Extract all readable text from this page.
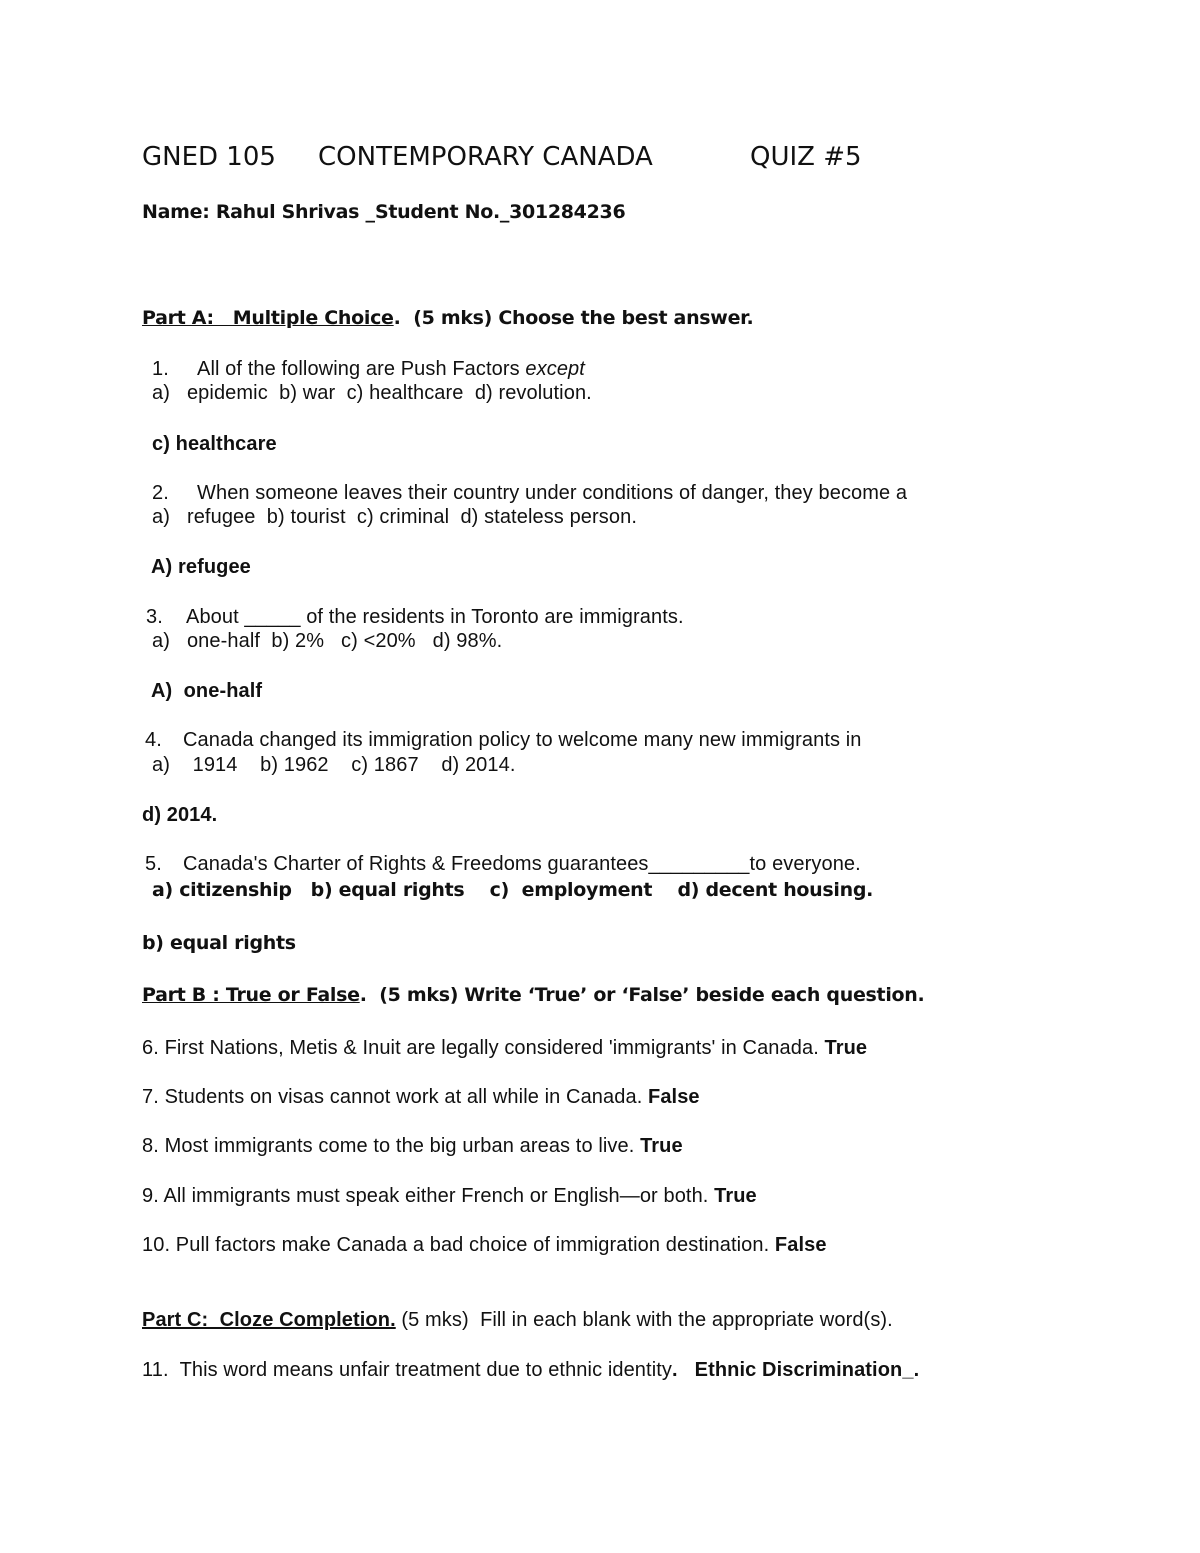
GNED 105 CONTEMPORARY CANADA	QUIZ #5
Name: Rahul Shrivas _ Student No._301284236
Part A:   Multiple Choice.  (5 mks) Choose the best answer.
1. All of the following are Push Factors except
a)   epidemic  b) war  c) healthcare  d) revolution.
c) healthcare
2. When someone leaves their country under conditions of danger, they become a
a)   refugee  b) tourist  c) criminal  d) stateless person.
A) refugee
3. About _____ of the residents in Toronto are immigrants.
a)   one-half  b) 2%   c) <20%   d) 98%.
A)  one-half
4. Canada changed its immigration policy to welcome many new immigrants in
a)    1914    b) 1962    c) 1867    d) 2014.
d) 2014.
5. Canada's Charter of Rights & Freedoms guarantees_________to everyone.
a) citizenship   b) equal rights    c)  employment    d) decent housing.
b) equal rights
Part B : True or False.  (5 mks) Write ‘True’ or ‘False’ beside each question.
6. First Nations, Metis & Inuit are legally considered 'immigrants' in Canada. True
7. Students on visas cannot work at all while in Canada. False
8. Most immigrants come to the big urban areas to live. True
9. All immigrants must speak either French or English—or both. True
10. Pull factors make Canada a bad choice of immigration destination. False
Part C:  Cloze Completion. (5 mks)  Fill in each blank with the appropriate word(s).
11. This word means unfair treatment due to ethnic identity. Ethnic Discrimination_.
